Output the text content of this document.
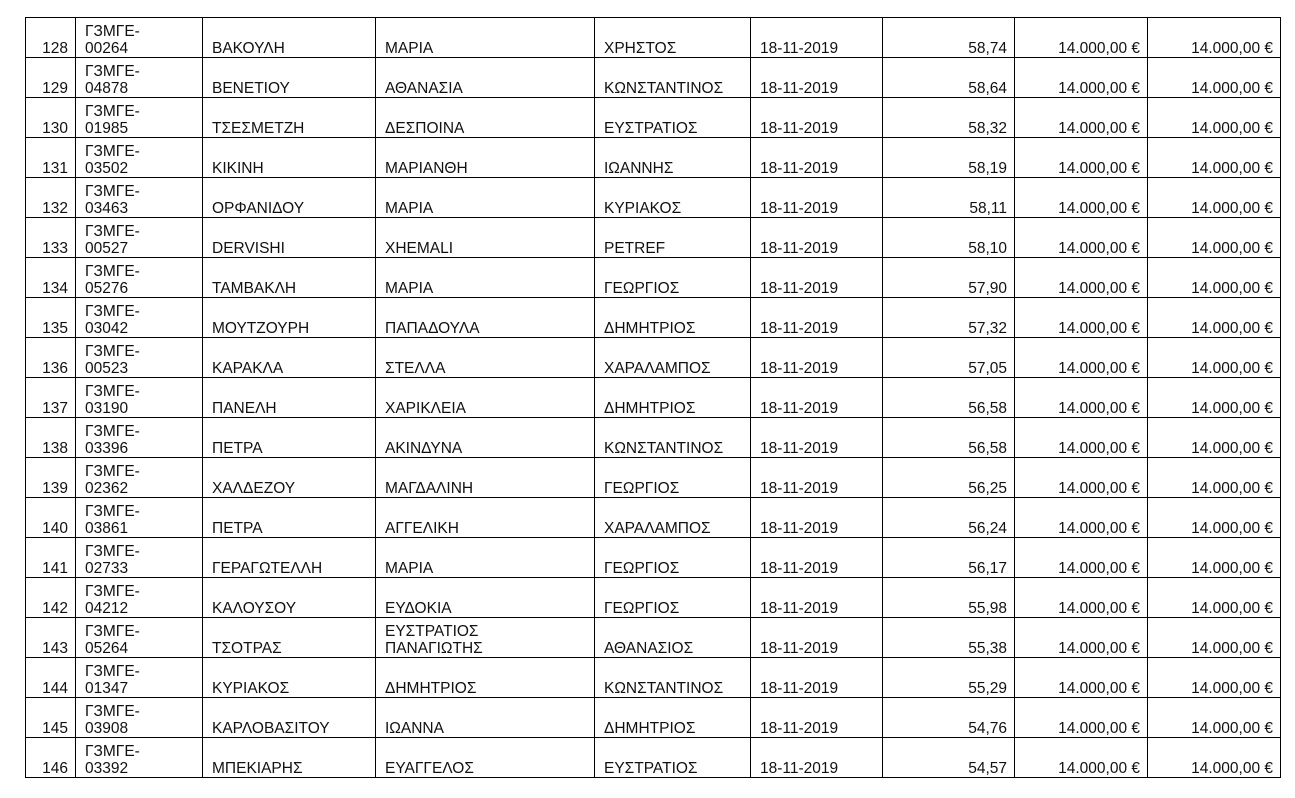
128	ΓЗΜΓΕ-
00264	ΒΑΚΟΥΛΗ	ΜΑΡΙΑ	ΧΡΗΣΤΟΣ	18-11-2019	58,74	14.000,00 €	14.000,00 €
129	ΓЗΜΓΕ-
04878	ΒΕΝΕΤΙΟΥ	ΑΘΑΝΑΣΙΑ	ΚΩΝΣΤΑΝΤΙΝΟΣ	18-11-2019	58,64	14.000,00 €	14.000,00 €
130	ΓЗΜΓΕ-
01985	ΤΣΕΣΜΕΤΖΗ	ΔΕΣΠΟΙΝΑ	ΕΥΣΤΡΑΤΙΟΣ	18-11-2019	58,32	14.000,00 €	14.000,00 €
131	ΓЗΜΓΕ-
03502	ΚΙΚΙΝΗ	ΜΑΡΙΑΝΘΗ	ΙΩΑΝΝΗΣ	18-11-2019	58,19	14.000,00 €	14.000,00 €
132	ΓЗΜΓΕ-
03463	ΟΡΦΑΝΙΔΟΥ	ΜΑΡΙΑ	ΚΥΡΙΑΚΟΣ	18-11-2019	58,11	14.000,00 €	14.000,00 €
133	ΓЗΜΓΕ-
00527	DERVISHI	XHEMALI	PETREF	18-11-2019	58,10	14.000,00 €	14.000,00 €
134	ΓЗΜΓΕ-
05276	ΤΑΜΒΑΚΛΗ	ΜΑΡΙΑ	ΓΕΩΡΓΙΟΣ	18-11-2019	57,90	14.000,00 €	14.000,00 €
135	ΓЗΜΓΕ-
03042	ΜΟΥΤΖΟΥΡΗ	ΠΑΠΑΔΟΥΛΑ	ΔΗΜΗΤΡΙΟΣ	18-11-2019	57,32	14.000,00 €	14.000,00 €
136	ΓЗΜΓΕ-
00523	ΚΑΡΑΚΛΑ	ΣΤΕΛΛΑ	ΧΑΡΑΛΑΜΠΟΣ	18-11-2019	57,05	14.000,00 €	14.000,00 €
137	ΓЗΜΓΕ-
03190	ΠΑΝΕΛΗ	ΧΑΡΙΚΛΕΙΑ	ΔΗΜΗΤΡΙΟΣ	18-11-2019	56,58	14.000,00 €	14.000,00 €
138	ΓЗΜΓΕ-
03396	ΠΕΤΡΑ	ΑΚΙΝΔΥΝΑ	ΚΩΝΣΤΑΝΤΙΝΟΣ	18-11-2019	56,58	14.000,00 €	14.000,00 €
139	ΓЗΜΓΕ-
02362	ΧΑΛΔΕΖΟΥ	ΜΑΓΔΑΛΙΝΗ	ΓΕΩΡΓΙΟΣ	18-11-2019	56,25	14.000,00 €	14.000,00 €
140	ΓЗΜΓΕ-
03861	ΠΕΤΡΑ	ΑΓΓΕΛΙΚΗ	ΧΑΡΑΛΑΜΠΟΣ	18-11-2019	56,24	14.000,00 €	14.000,00 €
141	ΓЗΜΓΕ-
02733	ΓΕΡΑΓΩΤΕΛΛΗ	ΜΑΡΙΑ	ΓΕΩΡΓΙΟΣ	18-11-2019	56,17	14.000,00 €	14.000,00 €
142	ΓЗΜΓΕ-
04212	ΚΑΛΟΥΣΟΥ	ΕΥΔΟΚΙΑ	ΓΕΩΡΓΙΟΣ	18-11-2019	55,98	14.000,00 €	14.000,00 €
143	ΓЗΜΓΕ-
05264	ΤΣΟΤΡΑΣ	ΕΥΣΤΡΑΤΙΟΣ
ΠΑΝΑΓΙΩΤΗΣ	ΑΘΑΝΑΣΙΟΣ	18-11-2019	55,38	14.000,00 €	14.000,00 €
144	ΓЗΜΓΕ-
01347	ΚΥΡΙΑΚΟΣ	ΔΗΜΗΤΡΙΟΣ	ΚΩΝΣΤΑΝΤΙΝΟΣ	18-11-2019	55,29	14.000,00 €	14.000,00 €
145	ΓЗΜΓΕ-
03908	ΚΑΡΛΟΒΑΣΙΤΟΥ	ΙΩΑΝΝΑ	ΔΗΜΗΤΡΙΟΣ	18-11-2019	54,76	14.000,00 €	14.000,00 €
146	ΓЗΜΓΕ-
03392	ΜΠΕΚΙΑΡΗΣ	ΕΥΑΓΓΕΛΟΣ	ΕΥΣΤΡΑΤΙΟΣ	18-11-2019	54,57	14.000,00 €	14.000,00 €
